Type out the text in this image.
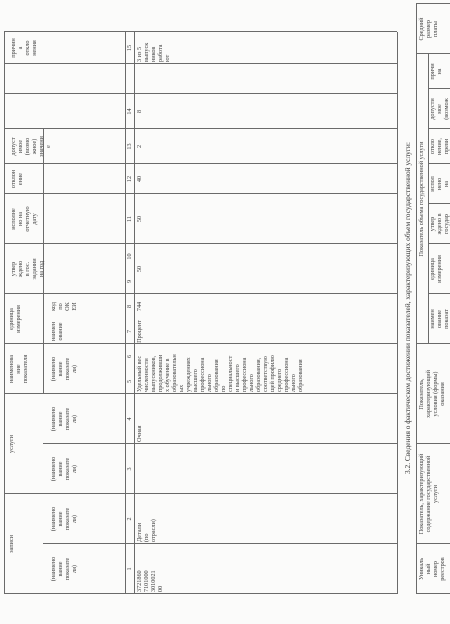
записи
услуги
единица
измерения
наименова
ние
показателя
утвер
ждено
в гос.
задании
на год
исполне
но на
отчетную
дату
отклон
ение
допуст
имое
(возмо
жное)
значени
е
причин
а
откло
нения
(наимено
вание
показате
ля)
(наимено
вание
показате
ля)
(наимено
вание
показате
ля)
(наимено
вание
показате
ля)
(наимено
вание
показате
ля)
наимен
ование
код
по
ОК
ЕИ
1
2
3
4
5
6
7
8
9
10
11
12
13
14
15
3721860
7101000
3010021
00
Детали
(по
отрасли)
Очная
Удельный вес
численности
выпускников,
продолживши
х обучение в
образовательн
ых
учреждениях
высшего
профессиона
льного
образования
по
специальност
и высшего
профессиона
льного
образования,
соответствую
щей профилю
среднего
профессиона
льного
образования
Процент
744
50
50
40
2
8
3 из 5
выпуск
ников
работа
ют
3.2. Сведения о фактическом достижении показателей, характеризующих объем государственной услуги:
Уникаль
ный
номер
реестров
Показатель, характеризующий
содержание государственной
услуги
Показатель,
характеризующий
условия (формы)
оказания
Показатель объема государственной услуги
наимен
ование
показат
единица
измерения
утвер
ждено в
государ
испол
нено
на
откло
нение,
преви
допусти
мое
(возмож
причи
на
Средний
размер
платы
